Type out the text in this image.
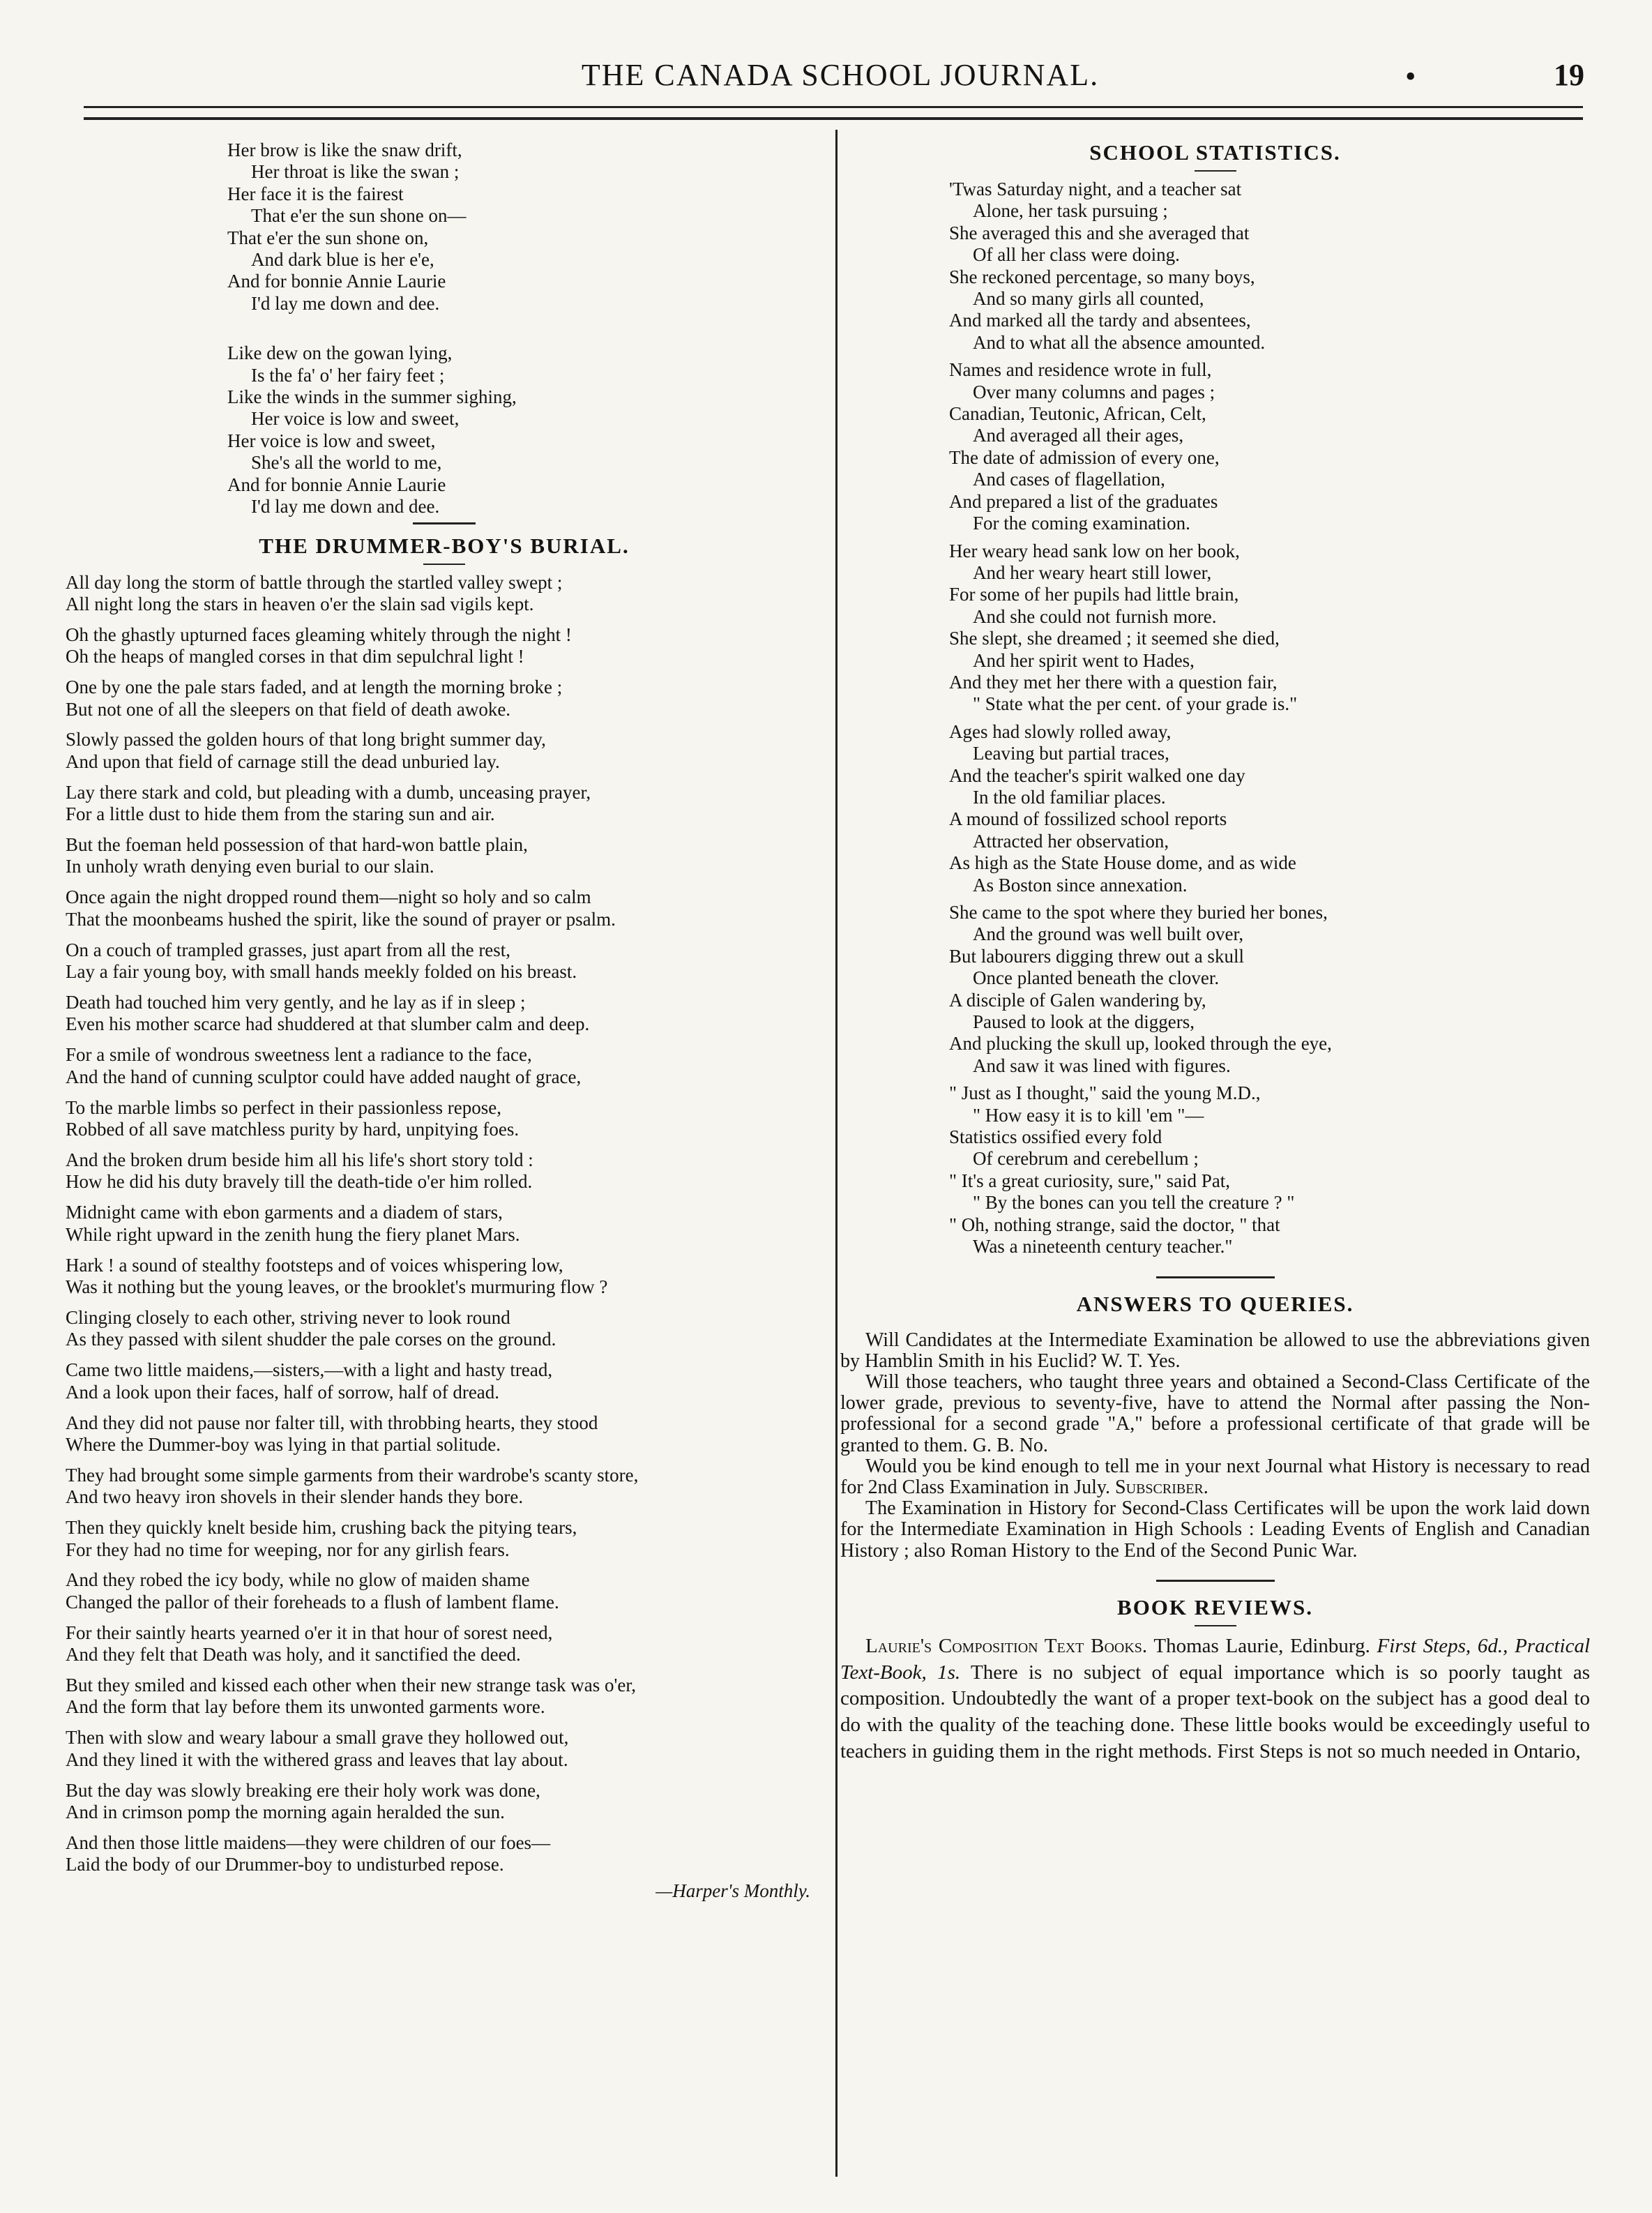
THE CANADA SCHOOL JOURNAL.	•	19
Her brow is like the snaw drift,
Her throat is like the swan ;
Her face it is the fairest
That e'er the sun shone on—
That e'er the sun shone on,
And dark blue is her e'e,
And for bonnie Annie Laurie
I'd lay me down and dee.
Like dew on the gowan lying,
Is the fa' o' her fairy feet ;
Like the winds in the summer sighing,
Her voice is low and sweet,
Her voice is low and sweet,
She's all the world to me,
And for bonnie Annie Laurie
I'd lay me down and dee.
THE DRUMMER-BOY'S BURIAL.
All day long the storm of battle through the startled valley swept ;
All night long the stars in heaven o'er the slain sad vigils kept.
Oh the ghastly upturned faces gleaming whitely through the night !
Oh the heaps of mangled corses in that dim sepulchral light !
One by one the pale stars faded, and at length the morning broke ;
But not one of all the sleepers on that field of death awoke.
Slowly passed the golden hours of that long bright summer day,
And upon that field of carnage still the dead unburied lay.
Lay there stark and cold, but pleading with a dumb, unceasing prayer,
For a little dust to hide them from the staring sun and air.
But the foeman held possession of that hard-won battle plain,
In unholy wrath denying even burial to our slain.
Once again the night dropped round them—night so holy and so calm
That the moonbeams hushed the spirit, like the sound of prayer or psalm.
On a couch of trampled grasses, just apart from all the rest,
Lay a fair young boy, with small hands meekly folded on his breast.
Death had touched him very gently, and he lay as if in sleep ;
Even his mother scarce had shuddered at that slumber calm and deep.
For a smile of wondrous sweetness lent a radiance to the face,
And the hand of cunning sculptor could have added naught of grace,
To the marble limbs so perfect in their passionless repose,
Robbed of all save matchless purity by hard, unpitying foes.
And the broken drum beside him all his life's short story told :
How he did his duty bravely till the death-tide o'er him rolled.
Midnight came with ebon garments and a diadem of stars,
While right upward in the zenith hung the fiery planet Mars.
Hark ! a sound of stealthy footsteps and of voices whispering low,
Was it nothing but the young leaves, or the brooklet's murmuring flow ?
Clinging closely to each other, striving never to look round
As they passed with silent shudder the pale corses on the ground.
Came two little maidens,—sisters,—with a light and hasty tread,
And a look upon their faces, half of sorrow, half of dread.
And they did not pause nor falter till, with throbbing hearts, they stood
Where the Dummer-boy was lying in that partial solitude.
They had brought some simple garments from their wardrobe's scanty store,
And two heavy iron shovels in their slender hands they bore.
Then they quickly knelt beside him, crushing back the pitying tears,
For they had no time for weeping, nor for any girlish fears.
And they robed the icy body, while no glow of maiden shame
Changed the pallor of their foreheads to a flush of lambent flame.
For their saintly hearts yearned o'er it in that hour of sorest need,
And they felt that Death was holy, and it sanctified the deed.
But they smiled and kissed each other when their new strange task was o'er,
And the form that lay before them its unwonted garments wore.
Then with slow and weary labour a small grave they hollowed out,
And they lined it with the withered grass and leaves that lay about.
But the day was slowly breaking ere their holy work was done,
And in crimson pomp the morning again heralded the sun.
And then those little maidens—they were children of our foes—
Laid the body of our Drummer-boy to undisturbed repose.
—Harper's Monthly.
SCHOOL STATISTICS.
'Twas Saturday night, and a teacher sat
Alone, her task pursuing ;
She averaged this and she averaged that
Of all her class were doing.
She reckoned percentage, so many boys,
And so many girls all counted,
And marked all the tardy and absentees,
And to what all the absence amounted.
Names and residence wrote in full,
Over many columns and pages ;
Canadian, Teutonic, African, Celt,
And averaged all their ages,
The date of admission of every one,
And cases of flagellation,
And prepared a list of the graduates
For the coming examination.
Her weary head sank low on her book,
And her weary heart still lower,
For some of her pupils had little brain,
And she could not furnish more.
She slept, she dreamed ; it seemed she died,
And her spirit went to Hades,
And they met her there with a question fair,
" State what the per cent. of your grade is."
Ages had slowly rolled away,
Leaving but partial traces,
And the teacher's spirit walked one day
In the old familiar places.
A mound of fossilized school reports
Attracted her observation,
As high as the State House dome, and as wide
As Boston since annexation.
She came to the spot where they buried her bones,
And the ground was well built over,
But labourers digging threw out a skull
Once planted beneath the clover.
A disciple of Galen wandering by,
Paused to look at the diggers,
And plucking the skull up, looked through the eye,
And saw it was lined with figures.
" Just as I thought," said the young M.D.,
" How easy it is to kill 'em "—
Statistics ossified every fold
Of cerebrum and cerebellum ;
" It's a great curiosity, sure," said Pat,
" By the bones can you tell the creature ? "
" Oh, nothing strange, said the doctor, " that
Was a nineteenth century teacher."
ANSWERS TO QUERIES.

Will Candidates at the Intermediate Examination be allowed to use the abbreviations given by Hamblin Smith in his Euclid? W. T. Yes.

Will those teachers, who taught three years and obtained a Second-Class Certificate of the lower grade, previous to seventy-five, have to attend the Normal after passing the Non-professional for a second grade "A," before a professional certificate of that grade will be granted to them. G. B. No.

Would you be kind enough to tell me in your next Journal what History is necessary to read for 2nd Class Examination in July. Subscriber.

The Examination in History for Second-Class Certificates will be upon the work laid down for the Intermediate Examination in High Schools : Leading Events of English and Canadian History ; also Roman History to the End of the Second Punic War.

BOOK REVIEWS.

Laurie's Composition Text Books. Thomas Laurie, Edinburg. First Steps, 6d., Practical Text-Book, 1s. There is no subject of equal importance which is so poorly taught as composition. Undoubtedly the want of a proper text-book on the subject has a good deal to do with the quality of the teaching done. These little books would be exceedingly useful to teachers in guiding them in the right methods. First Steps is not so much needed in Ontario,
